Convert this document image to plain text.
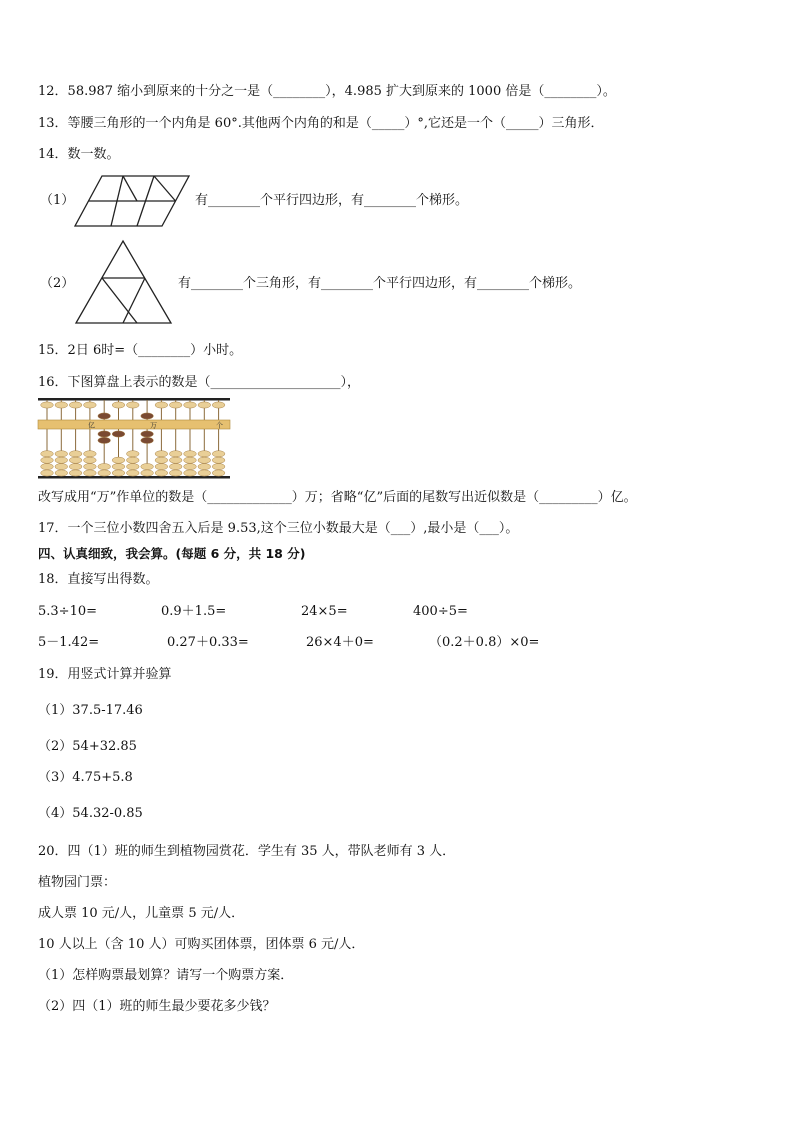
12．58.987 缩小到原来的十分之一是（________），4.985 扩大到原来的 1000 倍是（________）。
13．等腰三角形的一个内角是 60°.其他两个内角的和是（_____）°,它还是一个（_____）三角形．
14．数一数。
（1）	有________个平行四边形，有________个梯形。
（2）	有________个三角形，有________个平行四边形，有________个梯形。
15．2日 6时=（________）小时。
16．下图算盘上表示的数是（____________________），
亿	万	个
改写成用“万”作单位的数是（_____________）万；省略“亿”后面的尾数写出近似数是（_________）亿。
17．一个三位小数四舍五入后是 9.53,这个三位小数最大是（___）,最小是（___）。
四、认真细致，我会算。(每题 6 分，共 18 分)
18．直接写出得数。
5.3÷10=	0.9＋1.5=	24×5=	400÷5=
5－1.42=	0.27＋0.33=	26×4＋0=	（0.2＋0.8）×0=
19．用竖式计算并验算
（1）37.5-17.46
（2）54+32.85
（3）4.75+5.8
（4）54.32-0.85
20．四（1）班的师生到植物园赏花．学生有 35 人，带队老师有 3 人．
植物园门票：
成人票 10 元/人，儿童票 5 元/人．
10 人以上（含 10 人）可购买团体票，团体票 6 元/人．
（1）怎样购票最划算？请写一个购票方案．
（2）四（1）班的师生最少要花多少钱？
